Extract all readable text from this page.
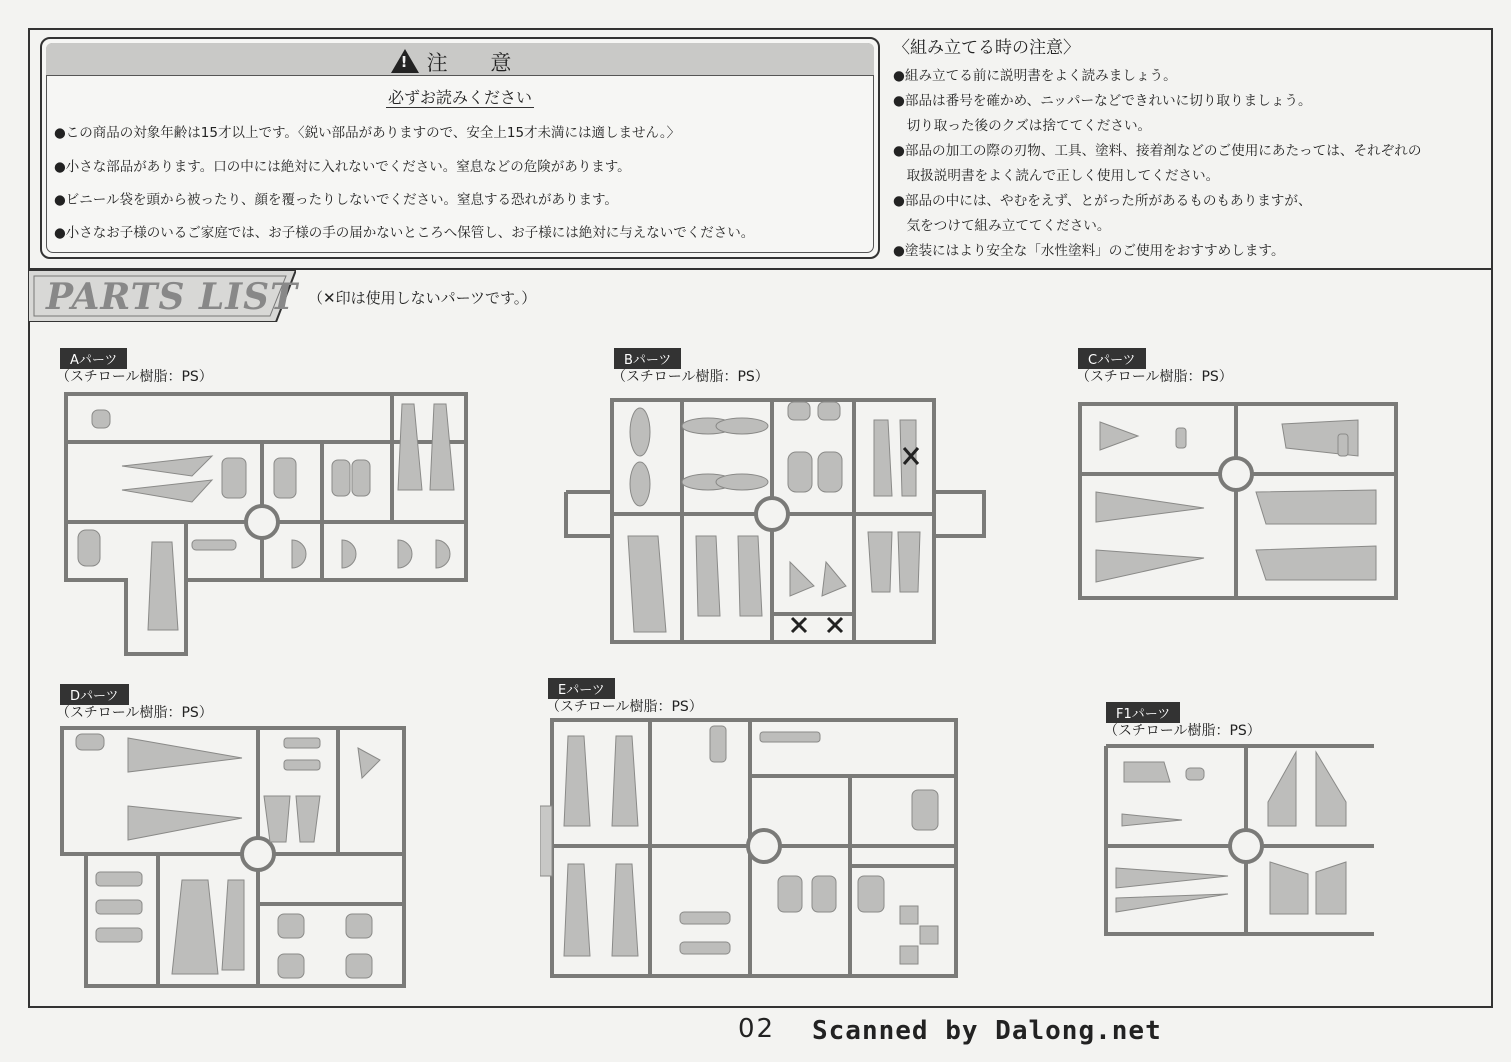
!注 意
必ずお読みください
●この商品の対象年齢は15才以上です。〈鋭い部品がありますので、安全上15才未満には適しません。〉
●小さな部品があります。口の中には絶対に入れないでください。窒息などの危険があります。
●ビニール袋を頭から被ったり、顔を覆ったりしないでください。窒息する恐れがあります。
●小さなお子様のいるご家庭では、お子様の手の届かないところへ保管し、お子様には絶対に与えないでください。
〈組み立てる時の注意〉
●組み立てる前に説明書をよく読みましょう。
●部品は番号を確かめ、ニッパーなどできれいに切り取りましょう。
　切り取った後のクズは捨ててください。
●部品の加工の際の刃物、工具、塗料、接着剤などのご使用にあたっては、それぞれの
　取扱説明書をよく読んで正しく使用してください。
●部品の中には、やむをえず、とがった所があるものもありますが、
　気をつけて組み立ててください。
●塗装にはより安全な「水性塗料」のご使用をおすすめします。
PARTS LIST （✕印は使用しないパーツです。）
Aパーツ
（スチロール樹脂：PS）
Bパーツ
（スチロール樹脂：PS）
Cパーツ
（スチロール樹脂：PS）
Dパーツ
（スチロール樹脂：PS）
Eパーツ
（スチロール樹脂：PS）	F1パーツ
（スチロール樹脂：PS）
02 Scanned by Dalong.net
